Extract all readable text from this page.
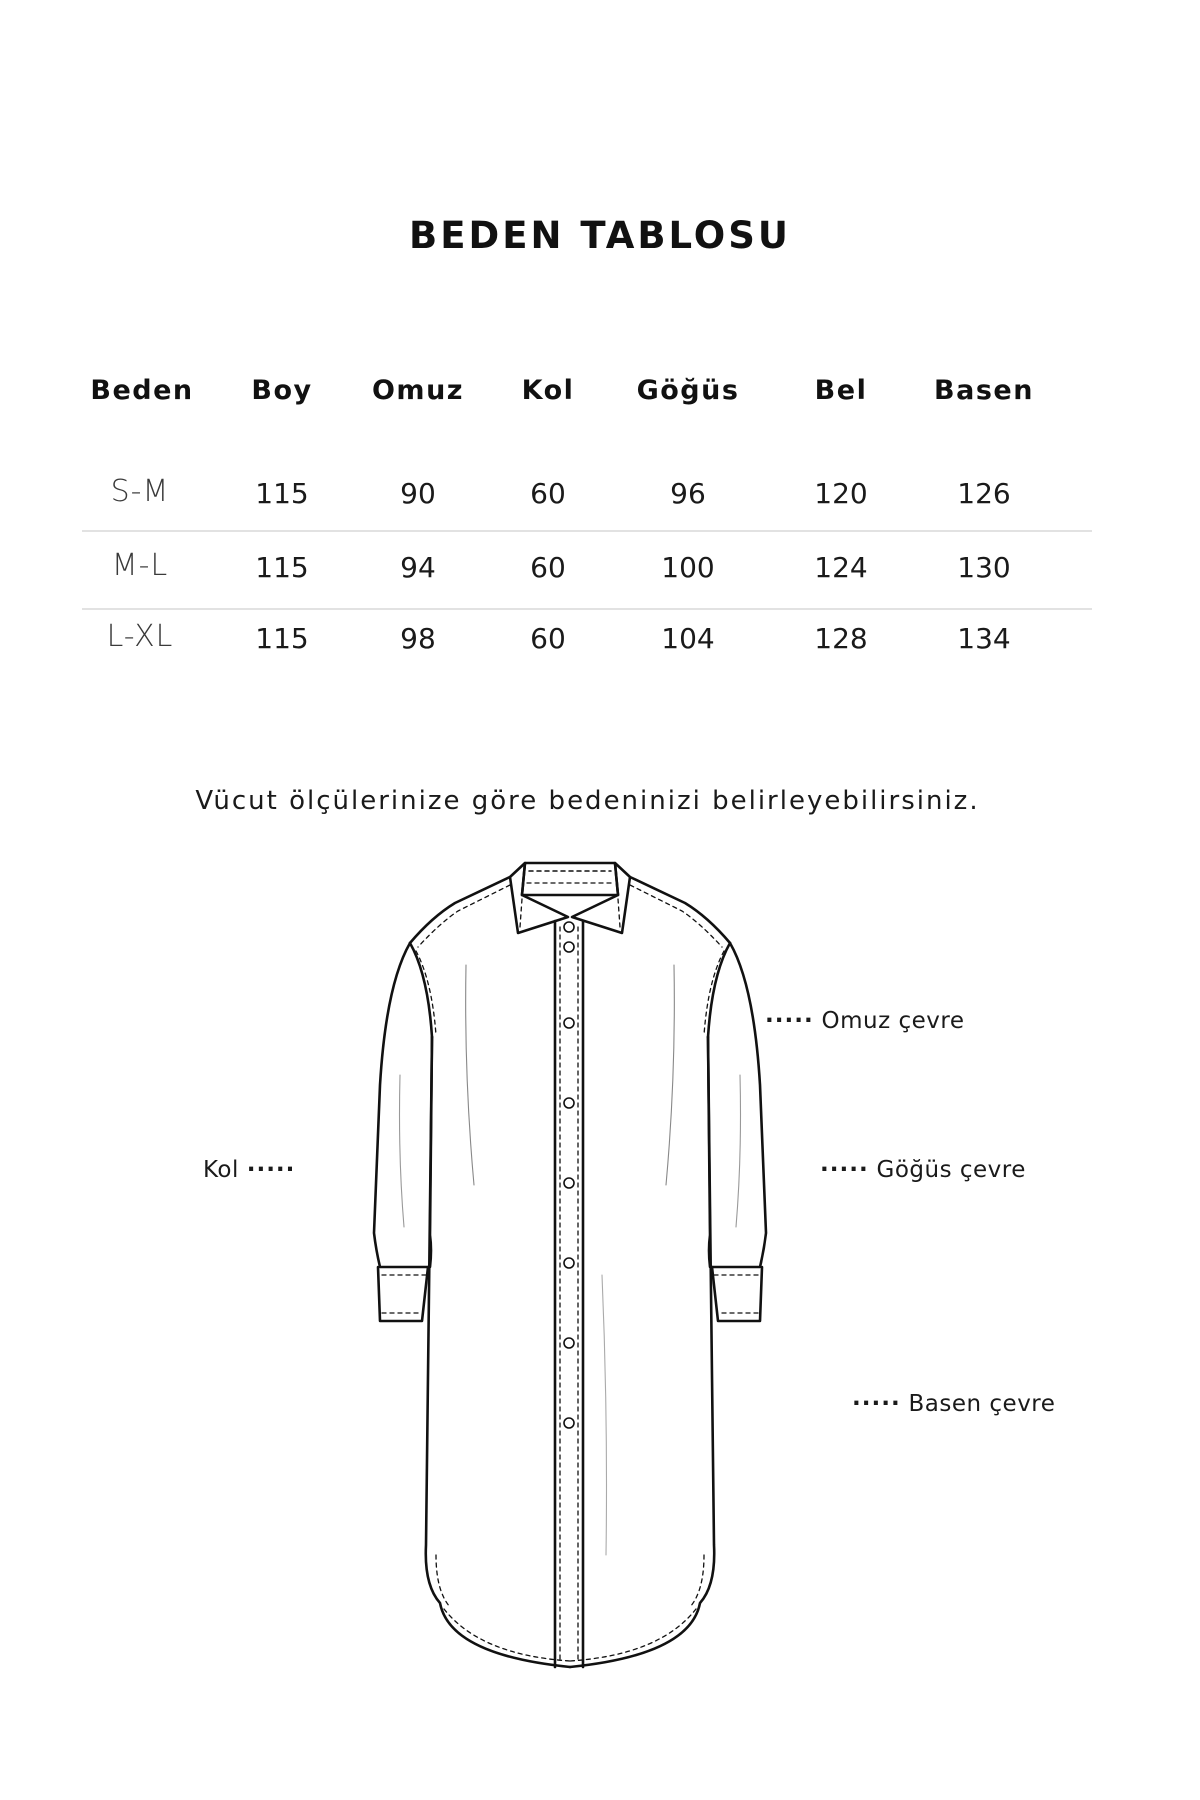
BEDEN TABLOSU
Beden Boy Omuz Kol Göğüs	Bel Basen
S-M	115	90	60	96	120	126
M-L	115	94	60	100	124	130
L-XL	115	98	60	104	128	134
Vücut ölçülerinize göre bedeninizi belirleyebilirsiniz.
····· Omuz çevre
Kol ·····	····· Göğüs çevre
····· Basen çevre
